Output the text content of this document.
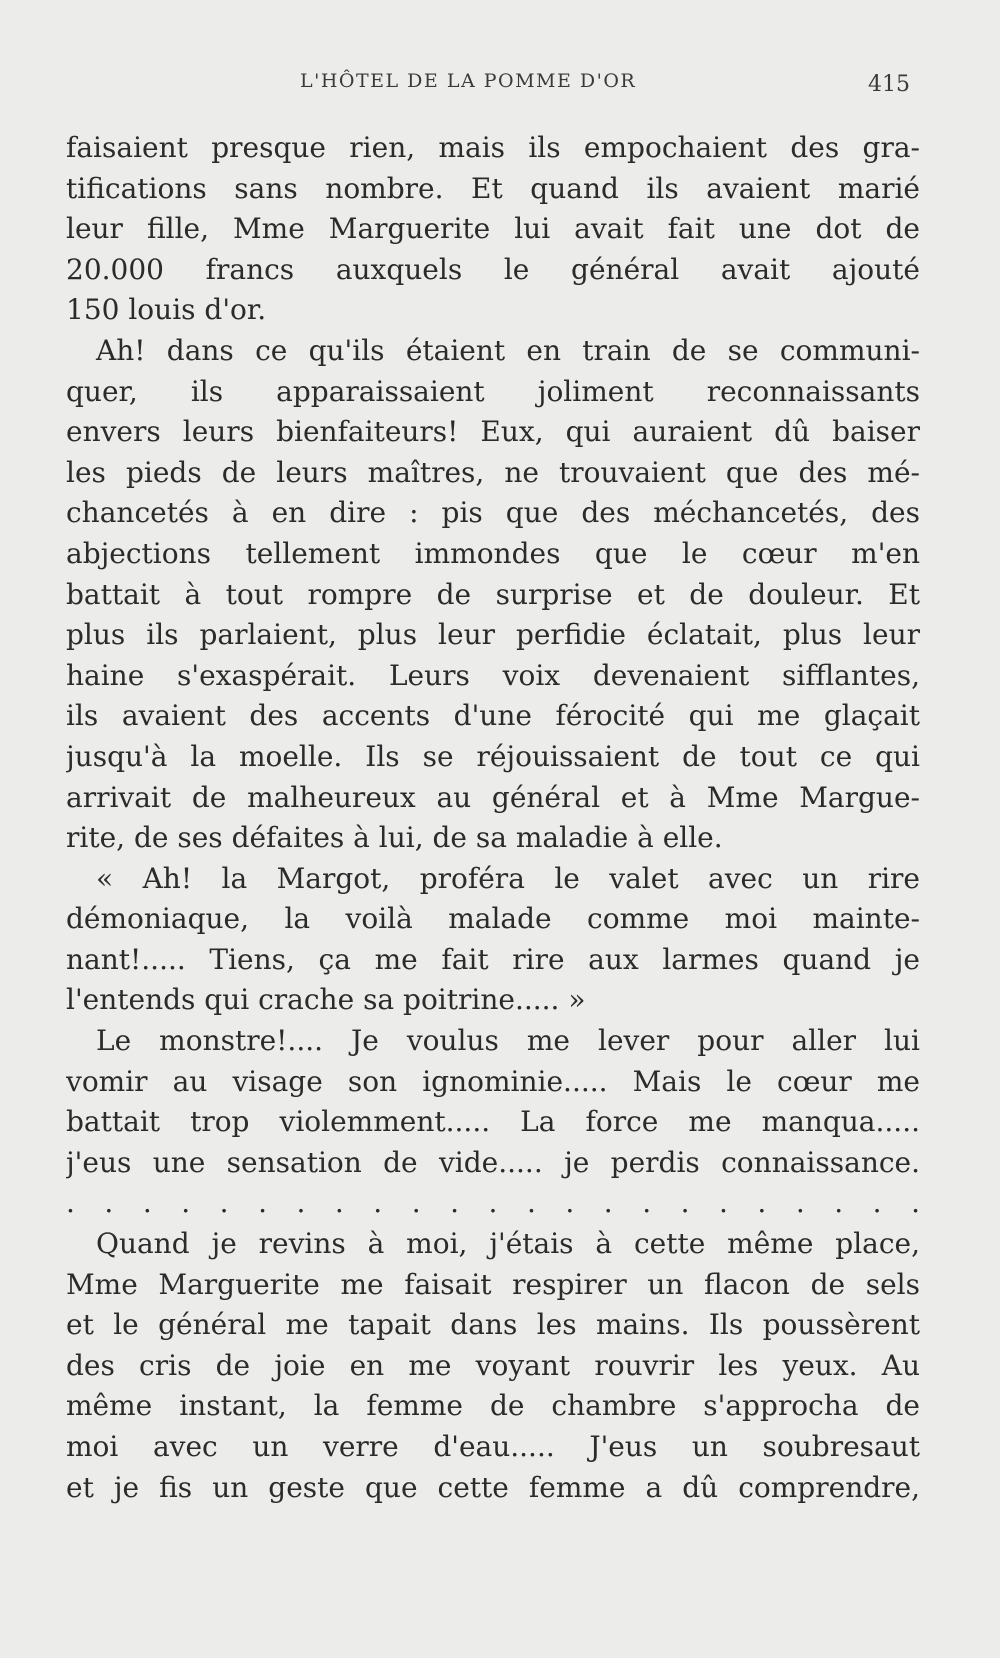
L'HÔTEL DE LA POMME D'OR	415
faisaient presque rien, mais ils empochaient des gra-
tifications sans nombre. Et quand ils avaient marié
leur fille, Mme Marguerite lui avait fait une dot de
20.000 francs auxquels le général avait ajouté
150 louis d'or.
Ah! dans ce qu'ils étaient en train de se communi-
quer, ils apparaissaient joliment reconnaissants
envers leurs bienfaiteurs! Eux, qui auraient dû baiser
les pieds de leurs maîtres, ne trouvaient que des mé-
chancetés à en dire : pis que des méchancetés, des
abjections tellement immondes que le cœur m'en
battait à tout rompre de surprise et de douleur. Et
plus ils parlaient, plus leur perfidie éclatait, plus leur
haine s'exaspérait. Leurs voix devenaient sifflantes,
ils avaient des accents d'une férocité qui me glaçait
jusqu'à la moelle. Ils se réjouissaient de tout ce qui
arrivait de malheureux au général et à Mme Margue-
rite, de ses défaites à lui, de sa maladie à elle.
« Ah! la Margot, proféra le valet avec un rire
démoniaque, la voilà malade comme moi mainte-
nant!..... Tiens, ça me fait rire aux larmes quand je
l'entends qui crache sa poitrine..... »
Le monstre!.... Je voulus me lever pour aller lui
vomir au visage son ignominie..... Mais le cœur me
battait trop violemment..... La force me manqua.....
j'eus une sensation de vide..... je perdis connaissance.
. . . . . . . . . . . . . . . . . . . . . . .
Quand je revins à moi, j'étais à cette même place,
Mme Marguerite me faisait respirer un flacon de sels
et le général me tapait dans les mains. Ils poussèrent
des cris de joie en me voyant rouvrir les yeux. Au
même instant, la femme de chambre s'approcha de
moi avec un verre d'eau..... J'eus un soubresaut
et je fis un geste que cette femme a dû comprendre,
